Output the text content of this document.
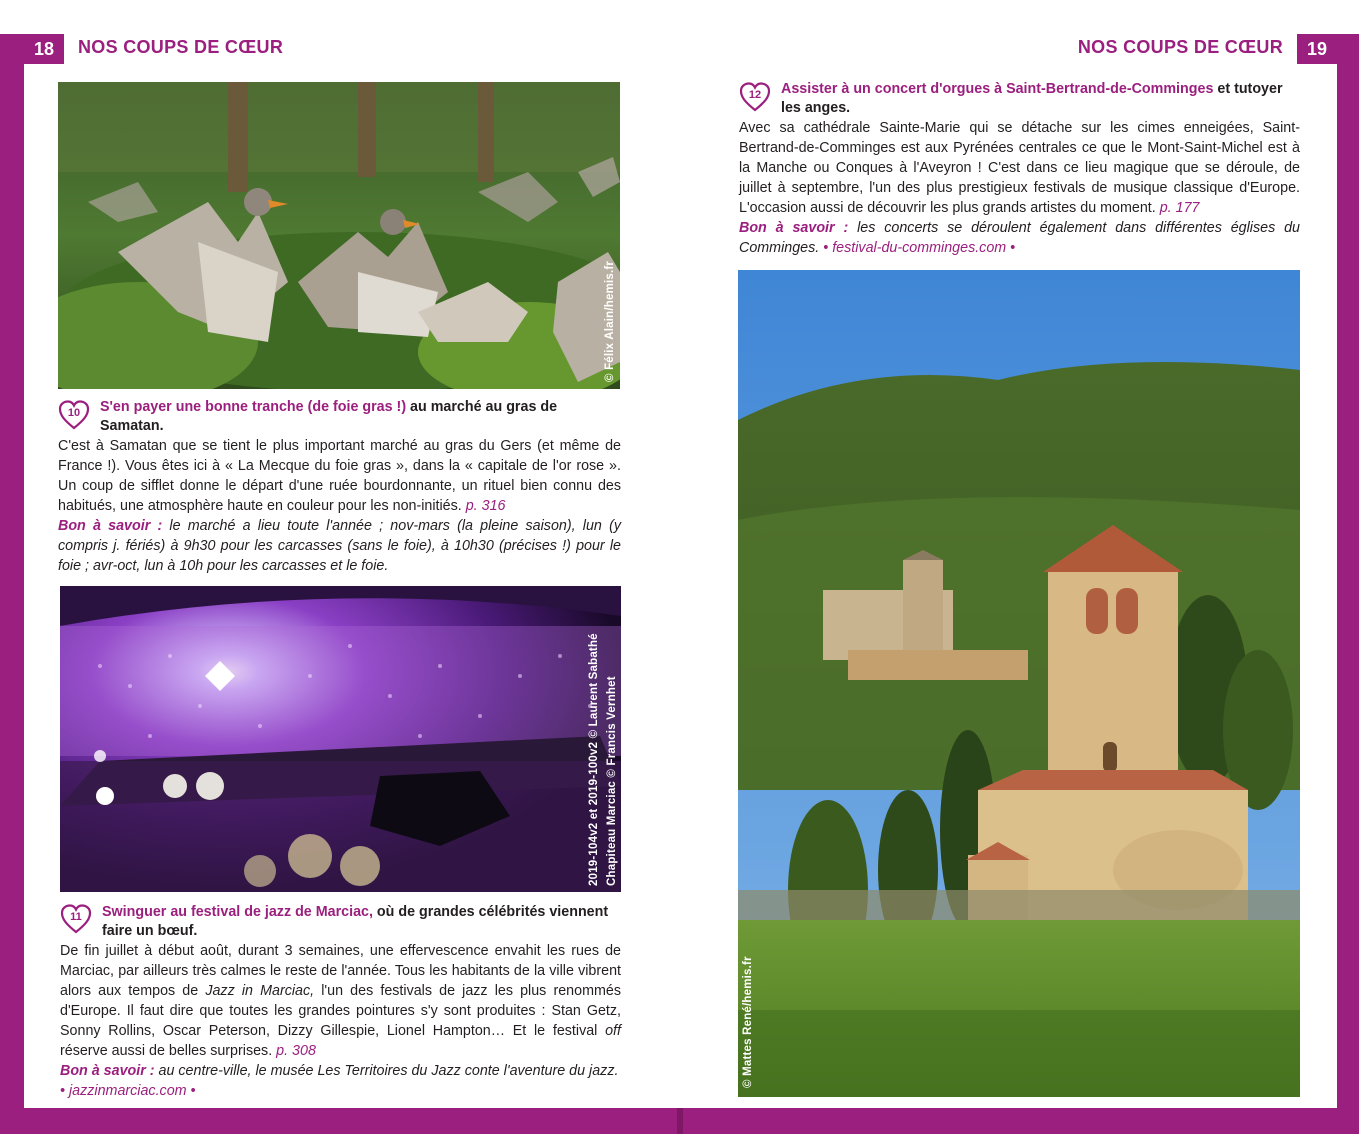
18	NOS COUPS DE CŒUR	NOS COUPS DE CŒUR	19
© Félix Alain/hemis.fr
10	S'en payer une bonne tranche (de foie gras !) au marché au gras de Samatan.
C'est à Samatan que se tient le plus important marché au gras du Gers (et même de France !). Vous êtes ici à « La Mecque du foie gras », dans la « capitale de l'or rose ». Un coup de sifflet donne le départ d'une ruée bourdonnante, un rituel bien connu des habitués, une atmosphère haute en couleur pour les non-initiés. p. 316
Bon à savoir : le marché a lieu toute l'année ; nov-mars (la pleine saison), lun (y compris j. fériés) à 9h30 pour les carcasses (sans le foie), à 10h30 (précises !) pour le foie ; avr-oct, lun à 10h pour les carcasses et le foie.
2019-104v2 et 2019-100v2 © Laurent Sabathé Chapiteau Marciac © Francis Vernhet
11	Swinguer au festival de jazz de Marciac, où de grandes célébrités viennent faire un bœuf.
De fin juillet à début août, durant 3 semaines, une effervescence envahit les rues de Marciac, par ailleurs très calmes le reste de l'année. Tous les habitants de la ville vibrent alors aux tempos de Jazz in Marciac, l'un des festivals de jazz les plus renommés d'Europe. Il faut dire que toutes les grandes pointures s'y sont produites : Stan Getz, Sonny Rollins, Oscar Peterson, Dizzy Gillespie, Lionel Hampton… Et le festival off réserve aussi de belles surprises. p. 308
Bon à savoir : au centre-ville, le musée Les Territoires du Jazz conte l'aventure du jazz.
• jazzinmarciac.com •
12	Assister à un concert d'orgues à Saint-Bertrand-de-Comminges et tutoyer les anges.
Avec sa cathédrale Sainte-Marie qui se détache sur les cimes enneigées, Saint-Bertrand-de-Comminges est aux Pyrénées centrales ce que le Mont-Saint-Michel est à la Manche ou Conques à l'Aveyron ! C'est dans ce lieu magique que se déroule, de juillet à septembre, l'un des plus prestigieux festivals de musique classique d'Europe. L'occasion aussi de découvrir les plus grands artistes du moment. p. 177
Bon à savoir : les concerts se déroulent également dans différentes églises du Comminges. • festival-du-comminges.com •
© Mattes René/hemis.fr
